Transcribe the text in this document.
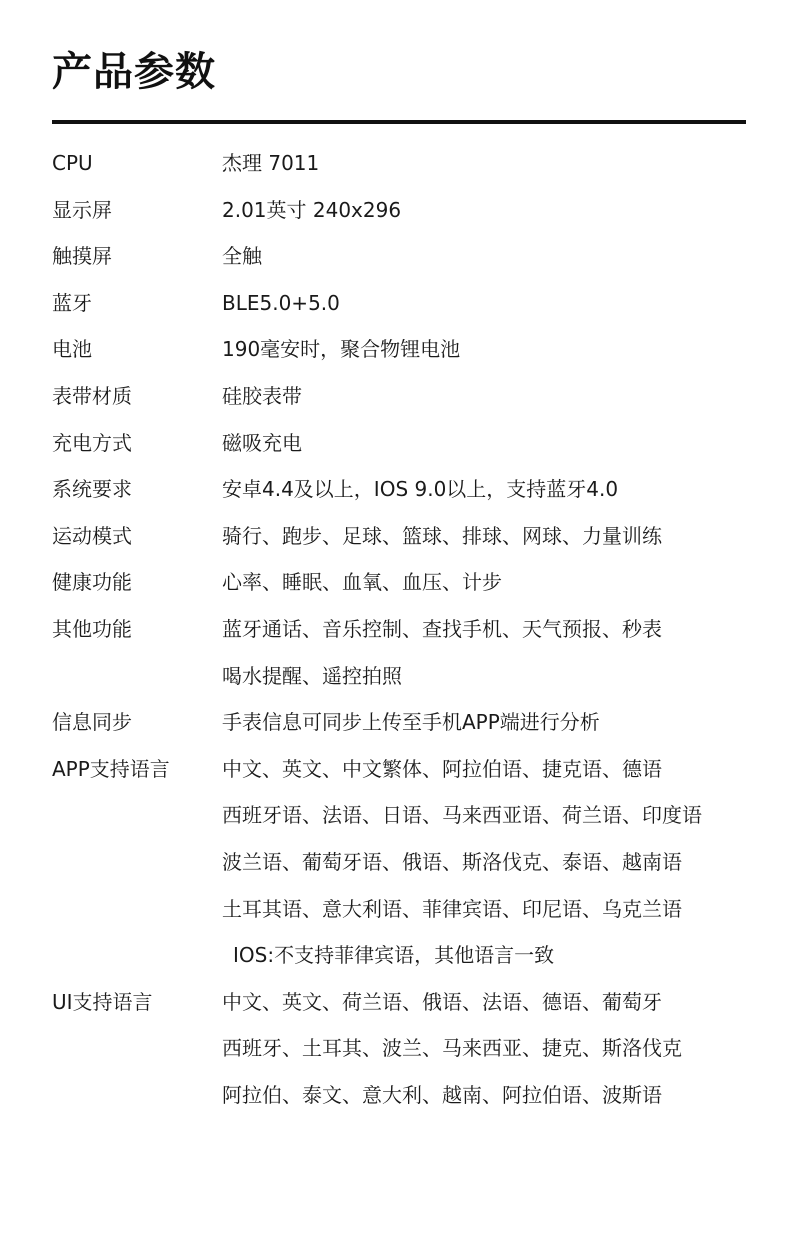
产品参数
CPU	杰理 7011
显示屏	2.01英寸 240x296
触摸屏	全触
蓝牙	BLE5.0+5.0
电池	190毫安时，聚合物锂电池
表带材质	硅胶表带
充电方式	磁吸充电
系统要求	安卓4.4及以上，IOS 9.0以上，支持蓝牙4.0
运动模式	骑行、跑步、足球、篮球、排球、网球、力量训练
健康功能	心率、睡眠、血氧、血压、计步
其他功能	蓝牙通话、音乐控制、查找手机、天气预报、秒表
喝水提醒、遥控拍照
信息同步	手表信息可同步上传至手机APP端进行分析
APP支持语言	中文、英文、中文繁体、阿拉伯语、捷克语、德语
西班牙语、法语、日语、马来西亚语、荷兰语、印度语
波兰语、葡萄牙语、俄语、斯洛伐克、泰语、越南语
土耳其语、意大利语、菲律宾语、印尼语、乌克兰语
IOS:不支持菲律宾语，其他语言一致
UI支持语言	中文、英文、荷兰语、俄语、法语、德语、葡萄牙
西班牙、土耳其、波兰、马来西亚、捷克、斯洛伐克
阿拉伯、泰文、意大利、越南、阿拉伯语、波斯语
